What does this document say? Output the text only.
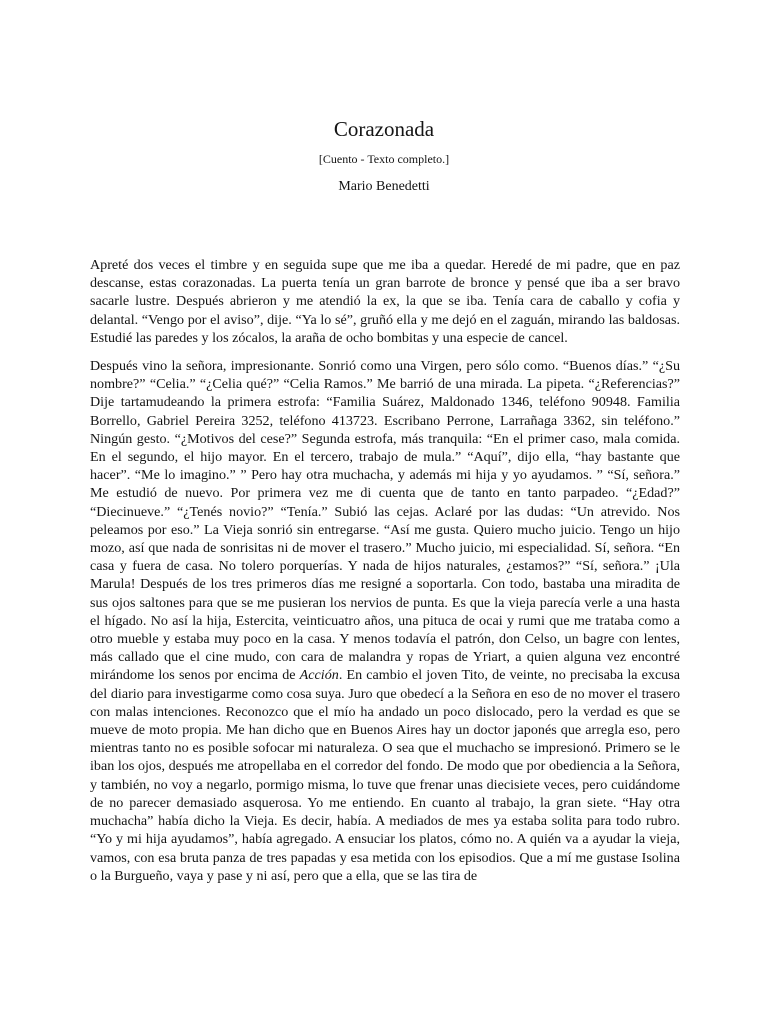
Corazonada
[Cuento - Texto completo.]
Mario Benedetti

Apreté dos veces el timbre y en seguida supe que me iba a quedar. Heredé de mi padre, que en paz descanse, estas corazonadas. La puerta tenía un gran barrote de bronce y pensé que iba a ser bravo sacarle lustre. Después abrieron y me atendió la ex, la que se iba. Tenía cara de caballo y cofia y delantal. “Vengo por el aviso”, dije. “Ya lo sé”, gruñó ella y me dejó en el zaguán, mirando las baldosas. Estudié las paredes y los zócalos, la araña de ocho bombitas y una especie de cancel.

Después vino la señora, impresionante. Sonrió como una Virgen, pero sólo como. “Buenos días.” “¿Su nombre?” “Celia.” “¿Celia qué?” “Celia Ramos.” Me barrió de una mirada. La pipeta. “¿Referencias?” Dije tartamudeando la primera estrofa: “Familia Suárez, Maldonado 1346, teléfono 90948. Familia Borrello, Gabriel Pereira 3252, teléfono 413723. Escribano Perrone, Larrañaga 3362, sin teléfono.” Ningún gesto. “¿Motivos del cese?” Segunda estrofa, más tranquila: “En el primer caso, mala comida. En el segundo, el hijo mayor. En el tercero, trabajo de mula.” “Aquí”, dijo ella, “hay bastante que hacer”. “Me lo imagino.” ” Pero hay otra muchacha, y además mi hija y yo ayudamos. ” “Sí, señora.” Me estudió de nuevo. Por primera vez me di cuenta que de tanto en tanto parpadeo. “¿Edad?” “Diecinueve.” “¿Tenés novio?” “Tenía.” Subió las cejas. Aclaré por las dudas: “Un atrevido. Nos peleamos por eso.” La Vieja sonrió sin entregarse. “Así me gusta. Quiero mucho juicio. Tengo un hijo mozo, así que nada de sonrisitas ni de mover el trasero.” Mucho juicio, mi especialidad. Sí, señora. “En casa y fuera de casa. No tolero porquerías. Y nada de hijos naturales, ¿estamos?” “Sí, señora.” ¡Ula Marula! Después de los tres primeros días me resigné a soportarla. Con todo, bastaba una miradita de sus ojos saltones para que se me pusieran los nervios de punta. Es que la vieja parecía verle a una hasta el hígado. No así la hija, Estercita, veinticuatro años, una pituca de ocai y rumi que me trataba como a otro mueble y estaba muy poco en la casa. Y menos todavía el patrón, don Celso, un bagre con lentes, más callado que el cine mudo, con cara de malandra y ropas de Yriart, a quien alguna vez encontré mirándome los senos por encima de Acción. En cambio el joven Tito, de veinte, no precisaba la excusa del diario para investigarme como cosa suya. Juro que obedecí a la Señora en eso de no mover el trasero con malas intenciones. Reconozco que el mío ha andado un poco dislocado, pero la verdad es que se mueve de moto propia. Me han dicho que en Buenos Aires hay un doctor japonés que arregla eso, pero mientras tanto no es posible sofocar mi naturaleza. O sea que el muchacho se impresionó. Primero se le iban los ojos, después me atropellaba en el corredor del fondo. De modo que por obediencia a la Señora, y también, no voy a negarlo, pormigo misma, lo tuve que frenar unas diecisiete veces, pero cuidándome de no parecer demasiado asquerosa. Yo me entiendo. En cuanto al trabajo, la gran siete. “Hay otra muchacha” había dicho la Vieja. Es decir, había. A mediados de mes ya estaba solita para todo rubro. “Yo y mi hija ayudamos”, había agregado. A ensuciar los platos, cómo no. A quién va a ayudar la vieja, vamos, con esa bruta panza de tres papadas y esa metida con los episodios. Que a mí me gustase Isolina o la Burgueño, vaya y pase y ni así, pero que a ella, que se las tira de
